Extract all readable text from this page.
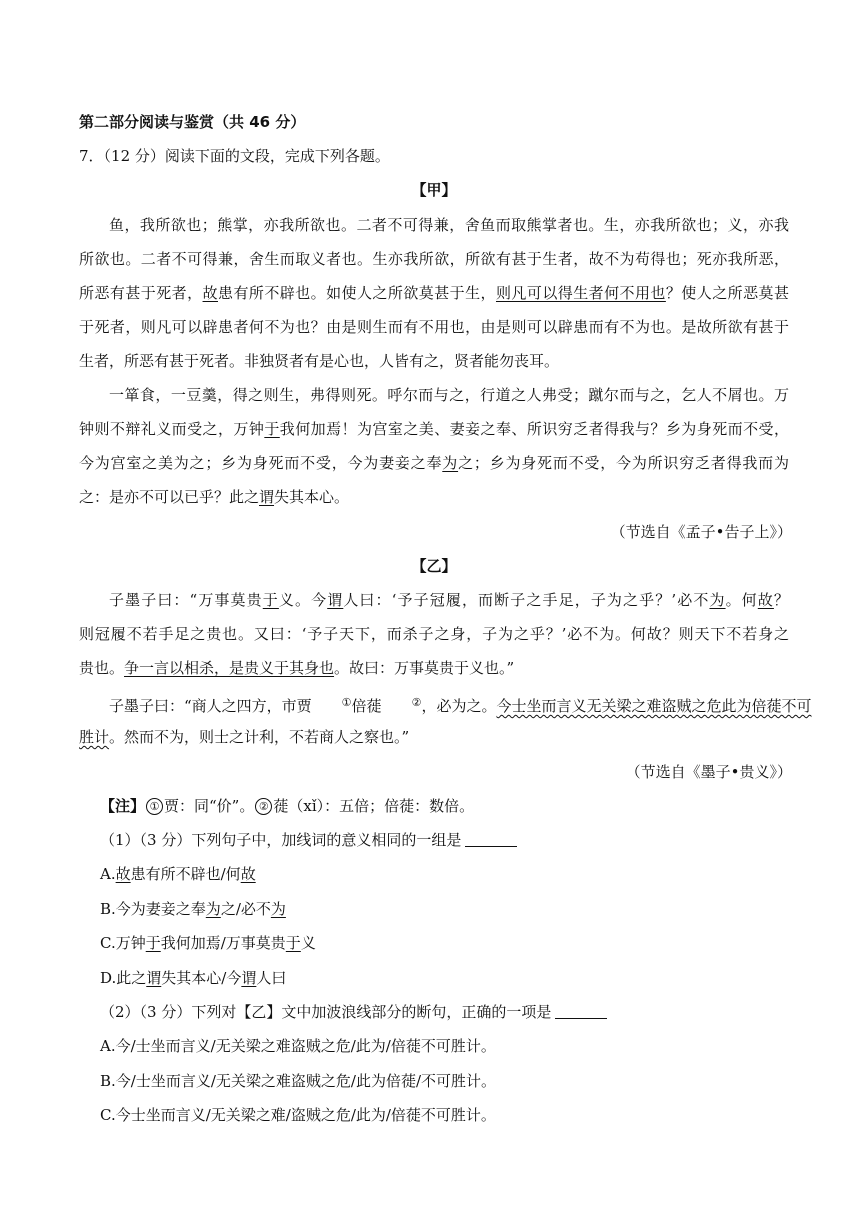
第二部分阅读与鉴赏（共 46 分）
7．（12 分）阅读下面的文段，完成下列各题。
【甲】
鱼，我所欲也；熊掌，亦我所欲也。二者不可得兼，舍鱼而取熊掌者也。生，亦我所欲也；义，亦我
所欲也。二者不可得兼，舍生而取义者也。生亦我所欲，所欲有甚于生者，故不为苟得也；死亦我所恶，
所恶有甚于死者，故患有所不辟也。如使人之所欲莫甚于生，则凡可以得生者何不用也？使人之所恶莫甚
于死者，则凡可以辟患者何不为也？由是则生而有不用也，由是则可以辟患而有不为也。是故所欲有甚于
生者，所恶有甚于死者。非独贤者有是心也，人皆有之，贤者能勿丧耳。
一箪食，一豆羹，得之则生，弗得则死。呼尔而与之，行道之人弗受；蹴尔而与之，乞人不屑也。万
钟则不辩礼义而受之，万钟于我何加焉！为宫室之美、妻妾之奉、所识穷乏者得我与？乡为身死而不受，
今为宫室之美为之；乡为身死而不受，今为妻妾之奉为之；乡为身死而不受，今为所识穷乏者得我而为
之：是亦不可以已乎？此之谓失其本心。
（节选自《孟子•告子上》）
【乙】
子墨子曰：“万事莫贵于义。今谓人曰：‘予子冠履，而断子之手足，子为之乎？’必不为。何故？
则冠履不若手足之贵也。又曰：‘予子天下，而杀子之身，子为之乎？’必不为。何故？则天下不若身之
贵也。争一言以相杀，是贵义于其身也。故曰：万事莫贵于义也。”
子墨子曰：“商人之四方，市贾	①倍蓰	②，必为之。今士坐而言义无关梁之难盗贼之危此为倍蓰不可
胜计。然而不为，则士之计利，不若商人之察也。”
（节选自《墨子•贵义》）
【注】 ① 贾：同“价”。 ② 蓰（xǐ）：五倍；倍蓰：数倍。
（1）（3 分）下列句子中，加线词的意义相同的一组是
A.故患有所不辟也/何故
B.今为妻妾之奉为之/必不为
C.万钟于我何加焉/万事莫贵于义
D.此之谓失其本心/今谓人曰
（2）（3 分）下列对【乙】文中加波浪线部分的断句，正确的一项是
A.今/士坐而言义/无关梁之难盗贼之危/此为/倍蓰不可胜计。
B.今/士坐而言义/无关梁之难盗贼之危/此为倍蓰/不可胜计。
C.今士坐而言义/无关梁之难/盗贼之危/此为/倍蓰不可胜计。
